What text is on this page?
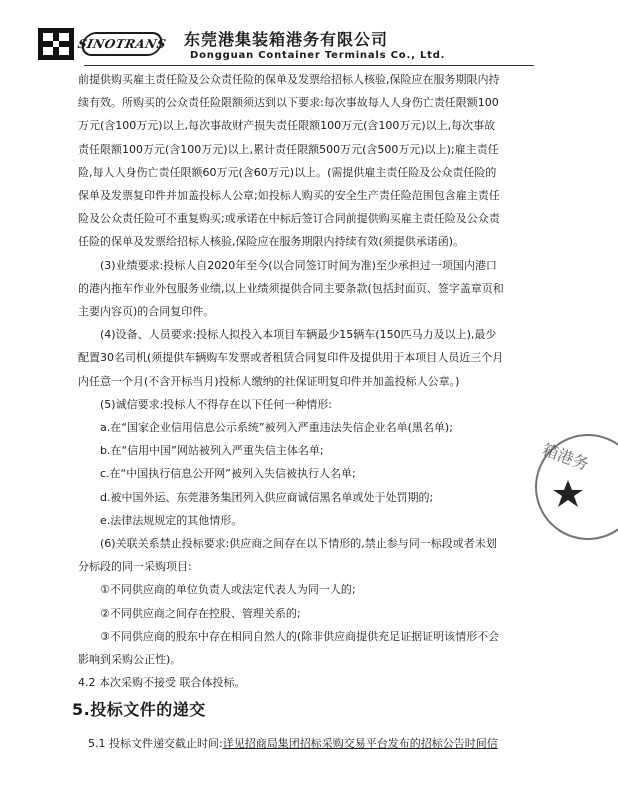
SINOTRANS 东莞港集装箱港务有限公司
Dongguan Container Terminals Co., Ltd.

前提供购买雇主责任险及公众责任险的保单及发票给招标人核验,保险应在服务期限内持续有效。所购买的公众责任险限额须达到以下要求:每次事故每人人身伤亡责任限额100万元(含100万元)以上,每次事故财产损失责任限额100万元(含100万元)以上,每次事故责任限额100万元(含100万元)以上,累计责任限额500万元(含500万元)以上);雇主责任险,每人人身伤亡责任限额60万元(含60万元)以上。(需提供雇主责任险及公众责任险的保单及发票复印件并加盖投标人公章;如投标人购买的安全生产责任险范围包含雇主责任险及公众责任险可不重复购买;或承诺在中标后签订合同前提供购买雇主责任险及公众责任险的保单及发票给招标人核验,保险应在服务期限内持续有效(须提供承诺函)。

(3)业绩要求:投标人自2020年至今(以合同签订时间为准)至少承担过一项国内港口的港内拖车作业外包服务业绩,以上业绩须提供合同主要条款(包括封面页、签字盖章页和主要内容页)的合同复印件。

(4)设备、人员要求:投标人拟投入本项目车辆最少15辆车(150匹马力及以上),最少配置30名司机(须提供车辆购车发票或者租赁合同复印件及提供用于本项目人员近三个月内任意一个月(不含开标当月)投标人缴纳的社保证明复印件并加盖投标人公章。)

(5)诚信要求:投标人不得存在以下任何一种情形:

a.在“国家企业信用信息公示系统”被列入严重违法失信企业名单(黑名单);

b.在“信用中国”网站被列入严重失信主体名单;

c.在“中国执行信息公开网”被列入失信被执行人名单;

d.被中国外运、东莞港务集团列入供应商诚信黑名单或处于处罚期的;

e.法律法规规定的其他情形。

(6)关联关系禁止投标要求:供应商之间存在以下情形的,禁止参与同一标段或者未划分标段的同一采购项目:

①不同供应商的单位负责人或法定代表人为同一人的;

②不同供应商之间存在控股、管理关系的;

③不同供应商的股东中存在相同自然人的(除非供应商提供充足证据证明该情形不会影响到采购公正性)。

4.2 本次采购不接受 联合体投标。

5.投标文件的递交
5.1 投标文件递交截止时间:详见招商局集团招标采购交易平台发布的招标公告时间信
箱港务
